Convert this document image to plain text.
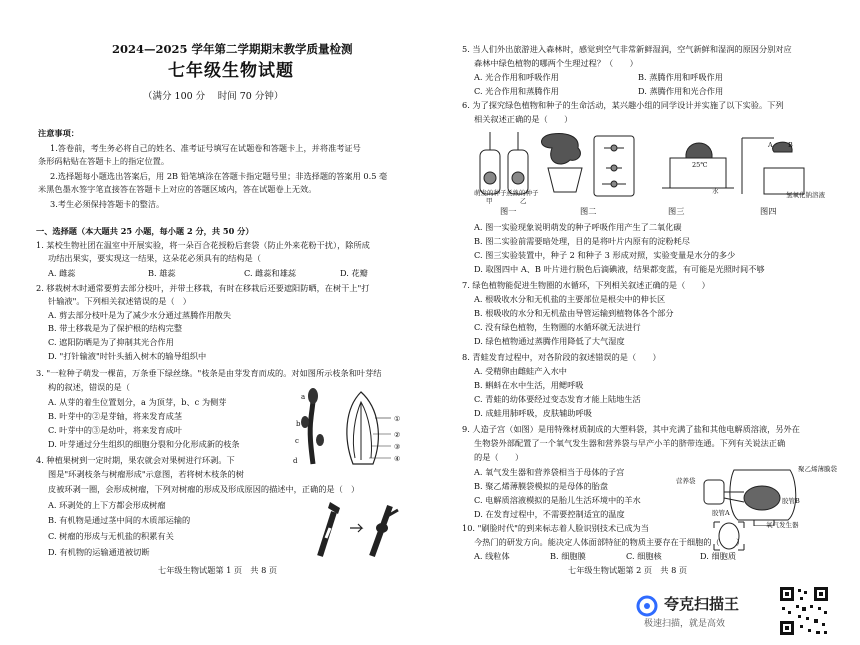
2024—2025 学年第二学期期末教学质量检测
七年级生物试题
（满分 100 分　 时间 70 分钟）
注意事项：
1.答卷前，考生务必将自己的姓名、准考证号填写在试题卷和答题卡上，并将准考证号
条形码粘贴在答题卡上的指定位置。
2.选择题每小题选出答案后，用 2B 铅笔填涂在答题卡指定题号里；非选择题的答案用 0.5 毫
米黑色墨水签字笔直接答在答题卡上对应的答题区域内，答在试题卷上无效。
3.考生必须保持答题卡的整洁。
一、选择题（本大题共 25 小题，每小题 2 分，共 50 分）
1. 某校生物社团在温室中开展实验，将一朵百合花授粉后套袋（防止外来花粉干扰），除所成
功结出果实，要实现这一结果，这朵花必须具有的结构是（
A. 雌蕊	B. 雄蕊	C. 雌蕊和雄蕊	D. 花瓣
2. 移栽树木时通常要剪去部分枝叶，并带土移栽，有时在移栽后还要遮阳防晒，在树干上"打
针输液"。下列相关叙述错误的是（　）
A. 剪去部分枝叶是为了减少水分通过蒸腾作用散失
B. 带土移栽是为了保护根的结构完整
C. 遮阳防晒是为了抑制其光合作用
D. "打针输液"时针头插入树木的输导组织中
3. "一粒种子萌发一棵苗，万条垂下绿丝绦。"枝条是由芽发育而成的。对如图所示枝条和叶芽结
构的叙述，错误的是（
A. 从芽的着生位置划分，a 为顶芽，b、c 为侧芽
B. 叶芽中的②是芽轴，将来发育成茎
C. 叶芽中的③是幼叶，将来发育成叶
D. 叶芽通过分生组织的细胞分裂和分化形成新的枝条
a
b
c
d
①
②
③
④
4. 种植果树到一定时期，果农就会对果树进行环剥。下
图是"环剥枝条与树瘤形成"示意图，若将树木枝条的树
皮被环剥一圈，会形成树瘤，下列对树瘤的形成及形成原因的描述中，正确的是（　）
A. 环剥处的上下方都会形成树瘤
B. 有机物是通过茎中间的木质部运输的
C. 树瘤的形成与无机盐的积累有关
D. 有机物的运输通道被切断
七年级生物试题第 1 页　共 8 页
5. 当人们外出旅游进入森林时，感觉到空气非常新鲜湿润，空气新鲜和湿润的原因分别对应
森林中绿色植物的哪两个生理过程？（　　）
A. 光合作用和呼吸作用	B. 蒸腾作用和呼吸作用
C. 光合作用和蒸腾作用	D. 蒸腾作用和光合作用
6. 为了探究绿色植物和种子的生命活动，某兴趣小组的同学设计并实施了以下实验。下列
相关叙述正确的是（　　）
萌发的种子 煮熟的种子
甲	乙
25℃
水
A B
氢氧化钠溶液
图一	图二	图三	图四
A. 图一实验现象说明萌发的种子呼吸作用产生了二氧化碳
B. 图二实验前需要暗处理，目的是将叶片内原有的淀粉耗尽
C. 图三实验装置中，种子 2 和种子 3 形成对照，实验变量是水分的多少
D. 取图四中 A、B 叶片进行脱色后滴碘液，结果都变蓝，有可能是光照时间不够
7. 绿色植物能促进生物圈的水循环，下列相关叙述正确的是（　　）
A. 根吸收水分和无机盐的主要部位是根尖中的伸长区
B. 根吸收的水分和无机盐由导管运输到植物体各个部分
C. 没有绿色植物，生物圈的水循环就无法进行
D. 绿色植物通过蒸腾作用降低了大气湿度
8. 青蛙发育过程中，对各阶段的叙述错误的是（　　）
A. 受精卵由雌蛙产入水中
B. 蝌蚪在水中生活，用鳃呼吸
C. 青蛙的幼体要经过变态发育才能上陆地生活
D. 成蛙用肺呼吸，皮肤辅助呼吸
9. 人造子宫（如图）是用特殊材质制成的大塑料袋，其中充满了盐和其他电解质溶液，另外在
生物袋外部配置了一个氧气发生器和营养袋与早产小羊的脐带连通。下列有关说法正确
的是（　　）
A. 氧气发生器和营养袋相当于母体的子宫
B. 聚乙烯薄膜袋模拟的是母体的胎盘
C. 电解质溶液模拟的是胎儿生活环境中的羊水
D. 在发育过程中，不需要控制适宜的温度
营养袋
聚乙烯薄膜袋
胶管A
胶管B
氧气发生器
10. "刷脸时代"的到来标志着人脸识别技术已成为当
今热门的研发方向。能决定人体面部特征的物质主要存在于细胞的（　　）
A. 线粒体	B. 细胞膜	C. 细胞核	D. 细胞质
七年级生物试题第 2 页　共 8 页
夸克扫描王
极速扫描，就是高效
